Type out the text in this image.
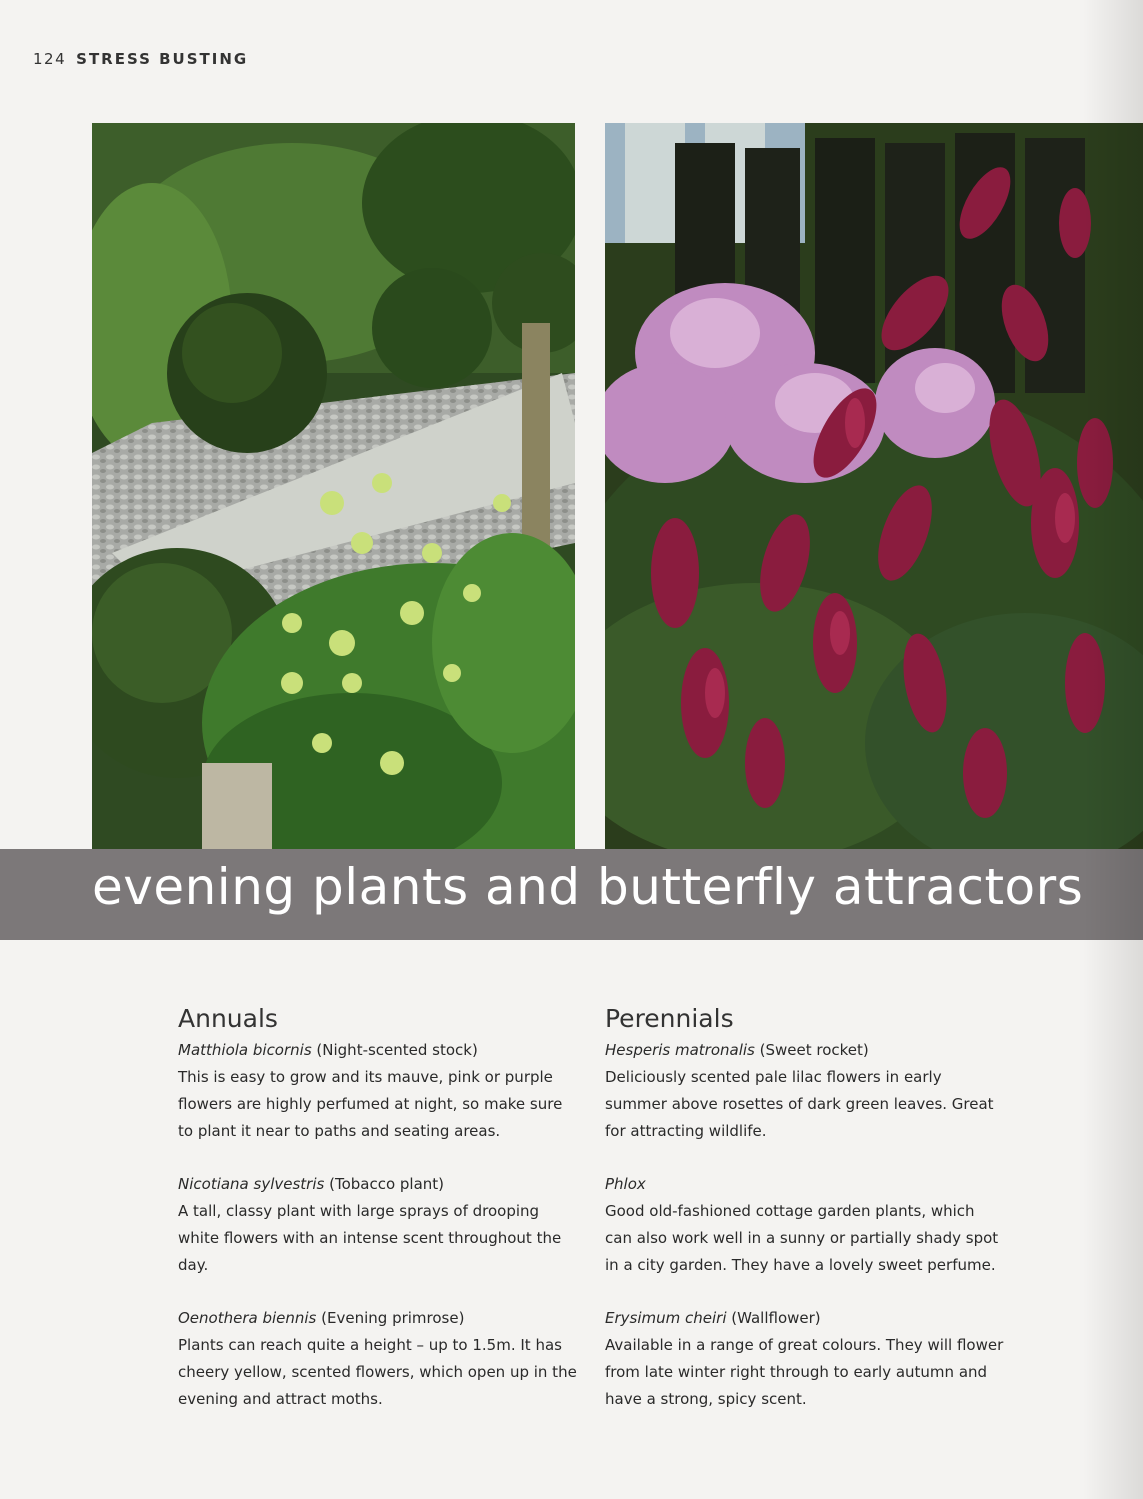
124 STRESS BUSTING
evening plants and butterfly attractors
Annuals
Matthiola bicornis (Night-scented stock)

This is easy to grow and its mauve, pink or purple flowers are highly perfumed at night, so make sure to plant it near to paths and seating areas.

Nicotiana sylvestris (Tobacco plant)

A tall, classy plant with large sprays of drooping white flowers with an intense scent throughout the day.

Oenothera biennis (Evening primrose)

Plants can reach quite a height – up to 1.5m. It has cheery yellow, scented flowers, which open up in the evening and attract moths.

Perennials
Hesperis matronalis (Sweet rocket)

Deliciously scented pale lilac flowers in early summer above rosettes of dark green leaves. Great for attracting wildlife.

Phlox

Good old-fashioned cottage garden plants, which can also work well in a sunny or partially shady spot in a city garden. They have a lovely sweet perfume.

Erysimum cheiri (Wallflower)

Available in a range of great colours. They will flower from late winter right through to early autumn and have a strong, spicy scent.
